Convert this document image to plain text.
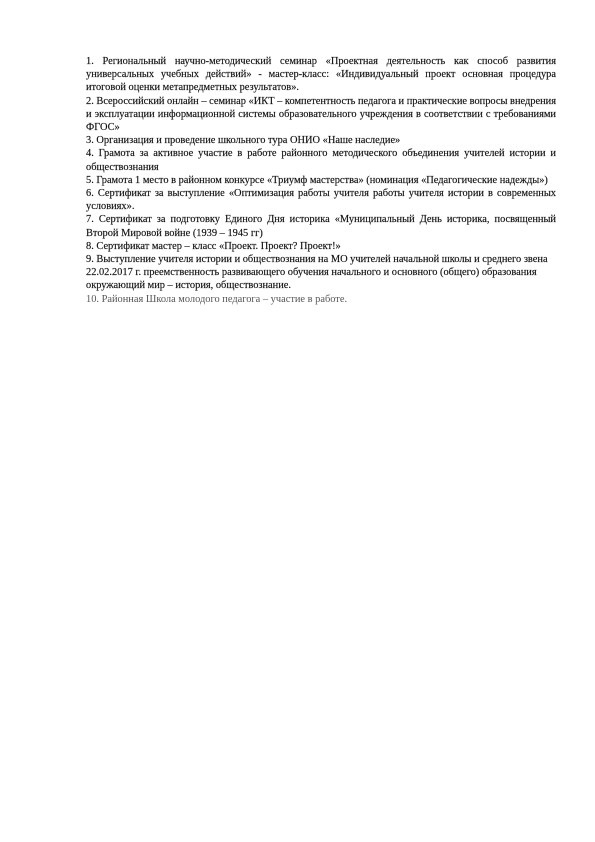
1. Региональный научно-методический семинар «Проектная деятельность как способ развития универсальных учебных действий» - мастер-класс: «Индивидуальный проект основная процедура итоговой оценки метапредметных результатов».

2. Всероссийский онлайн – семинар «ИКТ – компетентность педагога и практические вопросы внедрения и эксплуатации информационной системы образовательного учреждения в соответствии с требованиями ФГОС»

3. Организация и проведение школьного тура ОНИО «Наше наследие»

4. Грамота за активное участие в работе районного методического объединения учителей истории и обществознания

5. Грамота 1 место в районном конкурсе «Триумф мастерства» (номинация «Педагогические надежды»)

6. Сертификат за выступление «Оптимизация работы учителя работы учителя истории в современных условиях».

7. Сертификат за подготовку Единого Дня историка «Муниципальный День историка, посвященный Второй Мировой войне (1939 – 1945 гг)

8. Сертификат мастер – класс «Проект. Проект? Проект!»

9. Выступление учителя истории и обществознания на МО учителей начальной школы и среднего звена 22.02.2017 г. преемственность развивающего обучения начального и основного (общего) образования окружающий мир – история, обществознание.

10. Районная Школа молодого педагога – участие в работе.
